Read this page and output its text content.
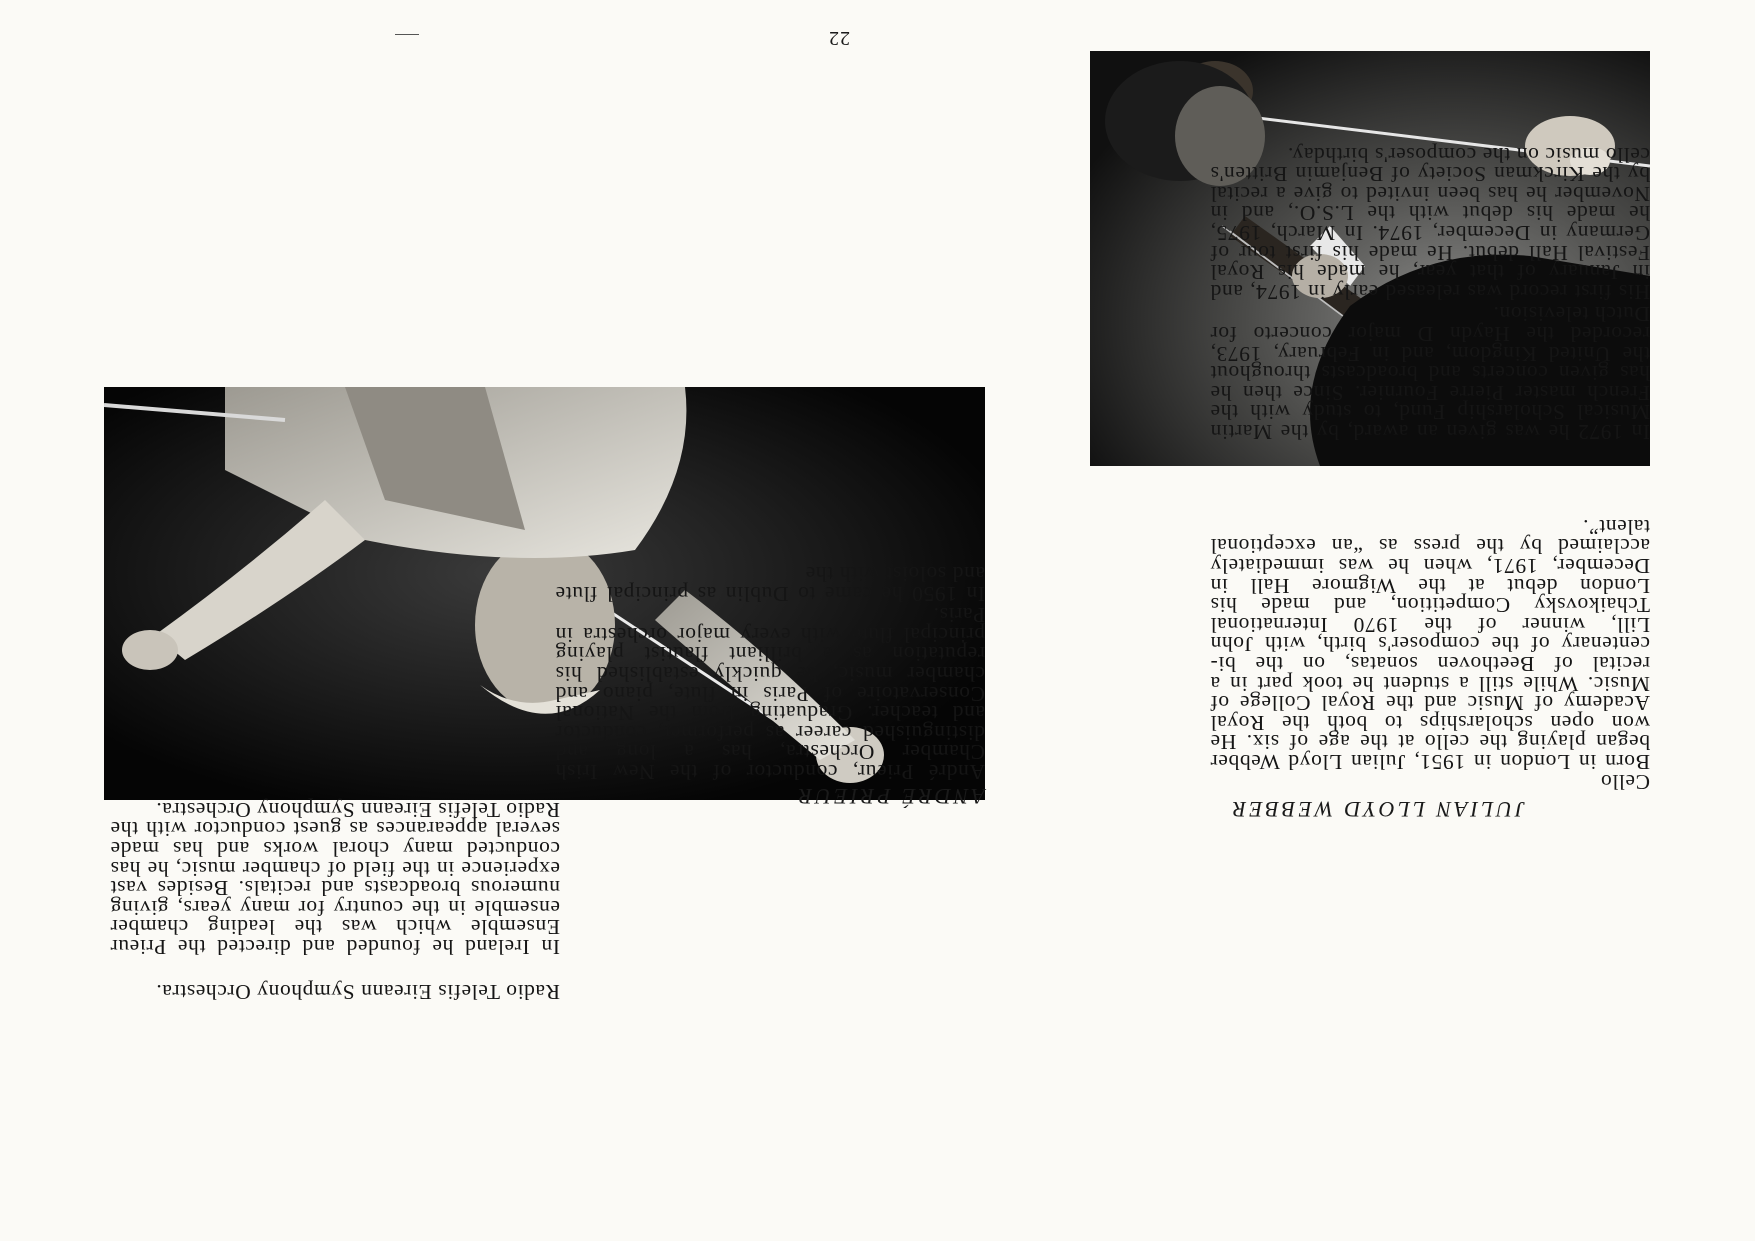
22

Radio Telefis Eireann Symphony Orchestra.

In Ireland he founded and directed the Prieur Ensemble which was the leading chamber ensemble in the country for many years, giving numerous broadcasts and recitals. Besides vast experience in the field of chamber music, he has conducted many choral works and has made several appearances as guest conductor with the Radio Telefis Eireann Symphony Orchestra.

ANDRÉ PRIEUR

André Prieur, conductor of the New Irish Chamber Orchestra, has a long and distinguished career as performer, conductor and teacher. Graduating from the National Conservatoire of Paris in flute, piano and chamber music, he quickly established his reputation as a brilliant flautist playing principal flute with every major orchestra in Paris.

In 1950 he came to Dublin as principal flute and soloist with the

JULIAN LLOYD WEBBER
Cello

Born in London in 1951, Julian Lloyd Webber began playing the cello at the age of six. He won open scholarships to both the Royal Academy of Music and the Royal College of Music. While still a student he took part in a recital of Beethoven sonatas, on the bi-centenary of the composer's birth, with John Lill, winner of the 1970 International Tchaikovsky Competition, and made his London debut at the Wigmore Hall in December, 1971, when he was immediately acclaimed by the press as “an exceptional talent”.

In 1972 he was given an award, by the Martin Musical Scholarship Fund, to study with the French master Pierre Fournier. Since then he has given concerts and broadcasts throughout the United Kingdom, and in February, 1973, recorded the Haydn D major concerto for Dutch television.

His first record was released early in 1974, and in January of that year, he made his Royal Festival Hall debut. He made his first tour of Germany in December, 1974. In March, 1975, he made his debut with the L.S.O., and in November he has been invited to give a recital by the Kirckman Society of Benjamin Britten's cello music on the composer's birthday.
